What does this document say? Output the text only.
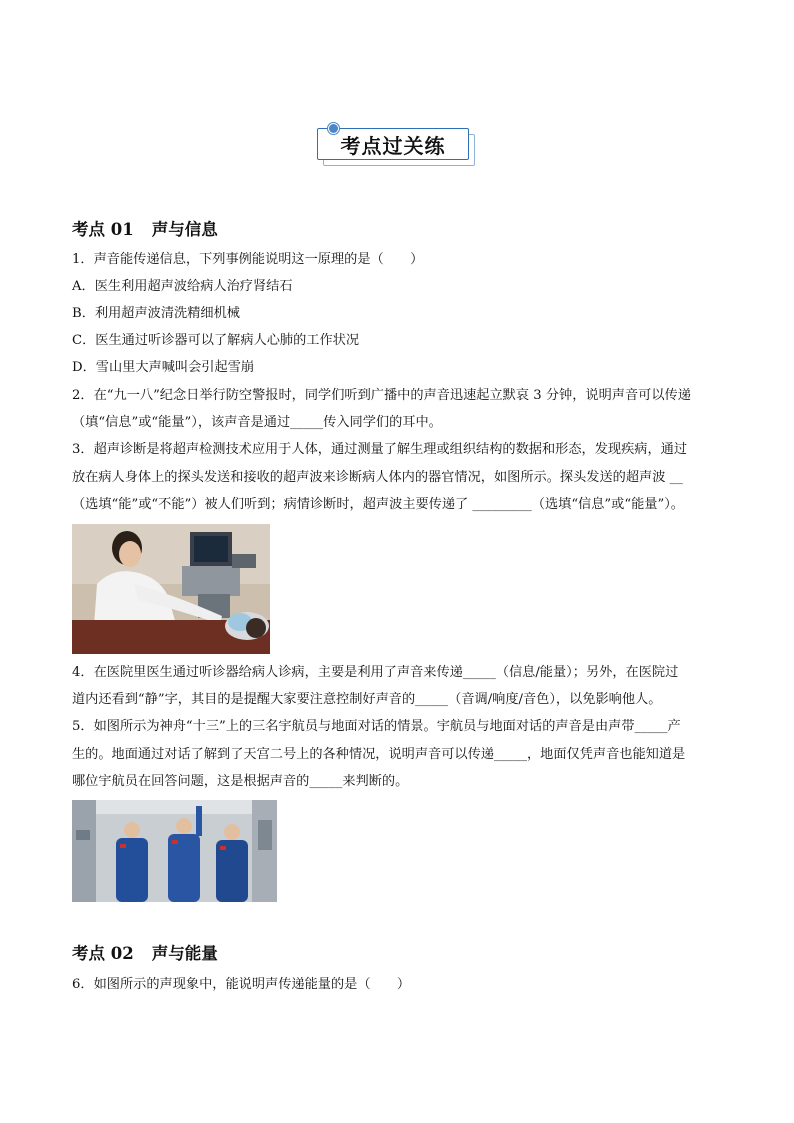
考点过关练
考点 01 声与信息
1．声音能传递信息，下列事例能说明这一原理的是（　　）
A．医生利用超声波给病人治疗肾结石
B．利用超声波清洗精细机械
C．医生通过听诊器可以了解病人心肺的工作状况
D．雪山里大声喊叫会引起雪崩
2．在“九一八”纪念日举行防空警报时，同学们听到广播中的声音迅速起立默哀 3 分钟，说明声音可以传递
（填“信息”或“能量”），该声音是通过_____传入同学们的耳中。
3．超声诊断是将超声检测技术应用于人体，通过测量了解生理或组织结构的数据和形态，发现疾病，通过
放在病人身体上的探头发送和接收的超声波来诊断病人体内的器官情况，如图所示。探头发送的超声波 __
（选填“能”或“不能”）被人们听到；病情诊断时，超声波主要传递了 _________（选填“信息”或“能量”）。
4．在医院里医生通过听诊器给病人诊病，主要是利用了声音来传递_____（信息/能量）；另外，在医院过
道内还看到“静”字，其目的是提醒大家要注意控制好声音的_____（音调/响度/音色），以免影响他人。
5．如图所示为神舟“十三”上的三名宇航员与地面对话的情景。宇航员与地面对话的声音是由声带_____产
生的。地面通过对话了解到了天宫二号上的各种情况，说明声音可以传递_____，地面仅凭声音也能知道是
哪位宇航员在回答问题，这是根据声音的_____来判断的。
考点 02 声与能量
6．如图所示的声现象中，能说明声传递能量的是（　　）
